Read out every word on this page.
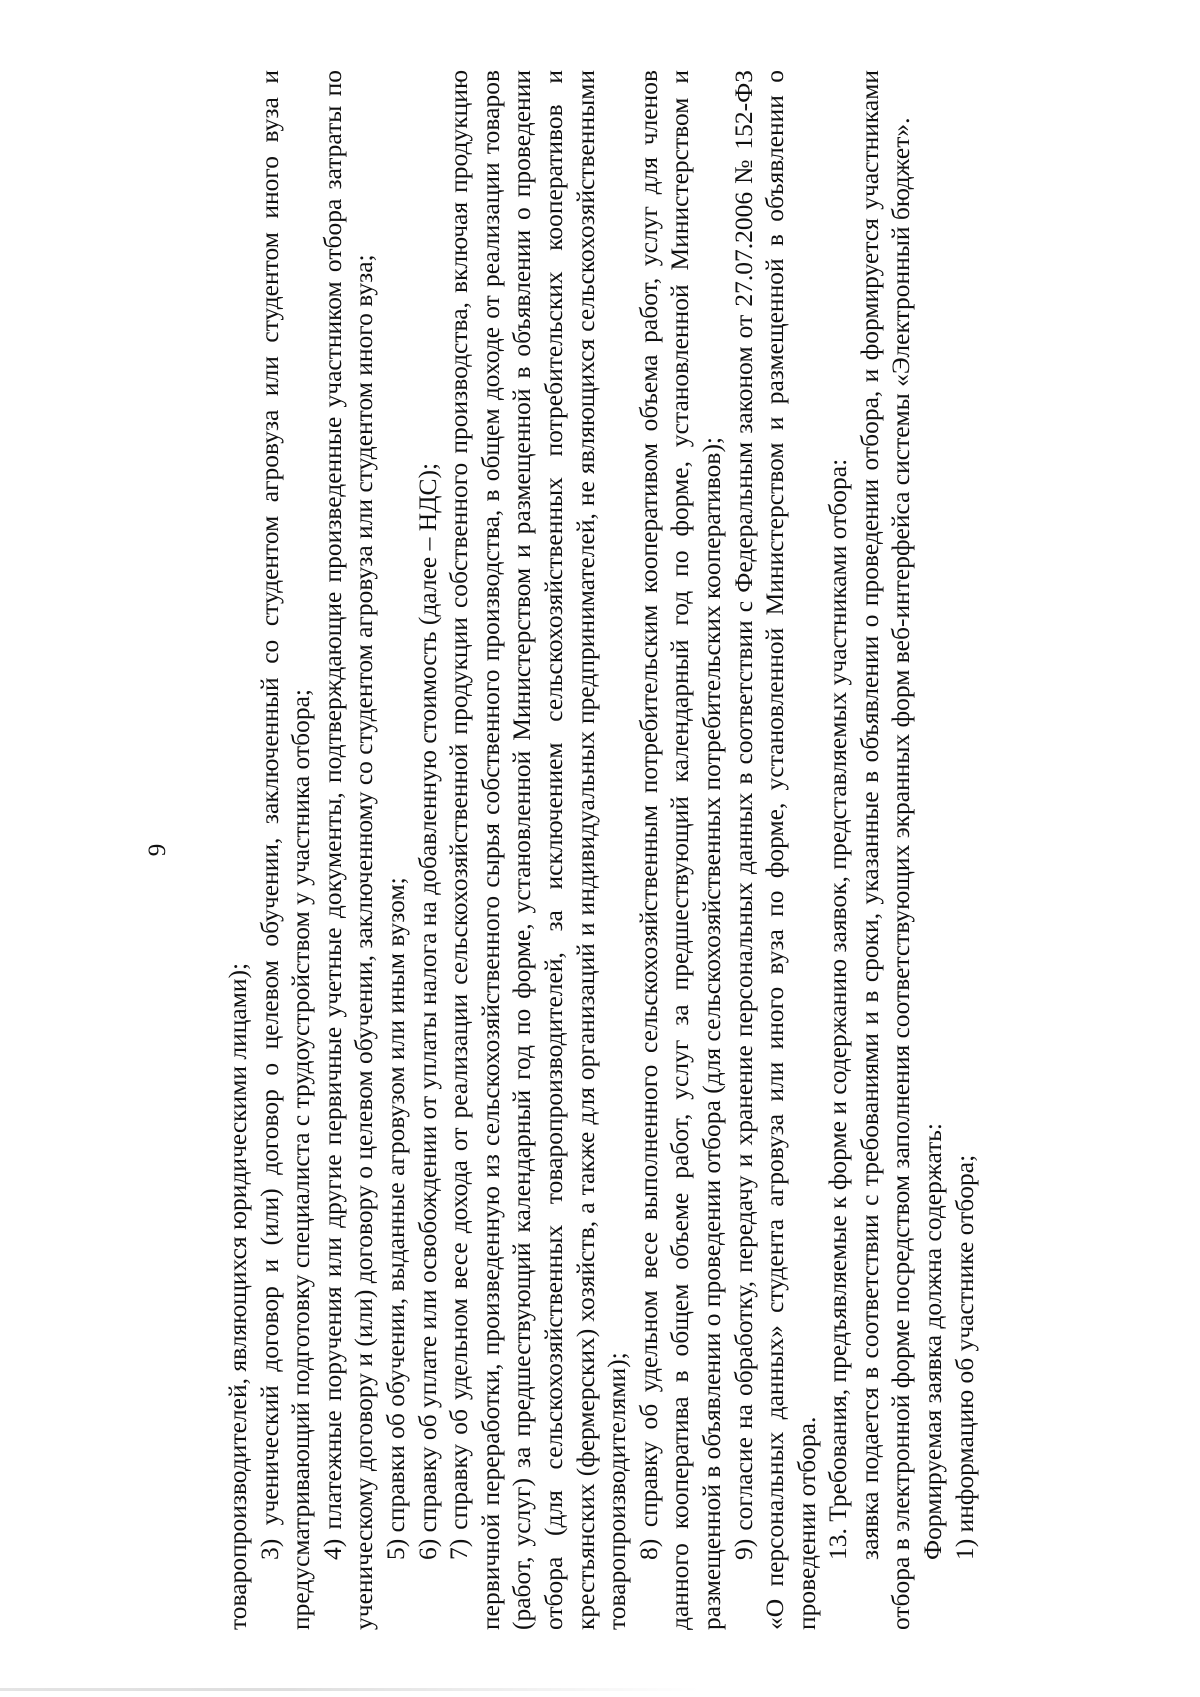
9

товаропроизводителей, являющихся юридическими лицами); 3) ученический договор и (или) договор о целевом обучении, заключенный со студентом агровуза или студентом иного вуза и предусматривающий подготовку специалиста с трудоустройством у участника отбора; 4) платежные поручения или другие первичные учетные документы, подтверждающие произведенные участником отбора затраты по ученическому договору и (или) договору о целевом обучении, заключенному со студентом агровуза или студентом иного вуза; 5) справки об обучении, выданные агровузом или иным вузом; 6) справку об уплате или освобождении от уплаты налога на добавленную стоимость (далее – НДС); 7) справку об удельном весе дохода от реализации сельскохозяйственной продукции собственного производства, включая продукцию первичной переработки, произведенную из сельскохозяйственного сырья собственного производства, в общем доходе от реализации товаров (работ, услуг) за предшествующий календарный год по форме, установленной Министерством и размещенной в объявлении о проведении отбора (для сельскохозяйственных товаропроизводителей, за исключением сельскохозяйственных потребительских кооперативов и крестьянских (фермерских) хозяйств, а также для организаций и индивидуальных предпринимателей, не являющихся сельскохозяйственными товаропроизводителями); 8) справку об удельном весе выполненного сельскохозяйственным потребительским кооперативом объема работ, услуг для членов данного кооператива в общем объеме работ, услуг за предшествующий календарный год по форме, установленной Министерством и размещенной в объявлении о проведении отбора (для сельскохозяйственных потребительских кооперативов); 9) согласие на обработку, передачу и хранение персональных данных в соответствии с Федеральным законом от 27.07.2006 № 152-ФЗ «О персональных данных» студента агровуза или иного вуза по форме, установленной Министерством и размещенной в объявлении о проведении отбора. 13. Требования, предъявляемые к форме и содержанию заявок, представляемых участниками отбора: заявка подается в соответствии с требованиями и в сроки, указанные в объявлении о проведении отбора, и формируется участниками отбора в электронной форме посредством заполнения соответствующих экранных форм веб-интерфейса системы «Электронный бюджет». Формируемая заявка должна содержать: 1) информацию об участнике отбора;
